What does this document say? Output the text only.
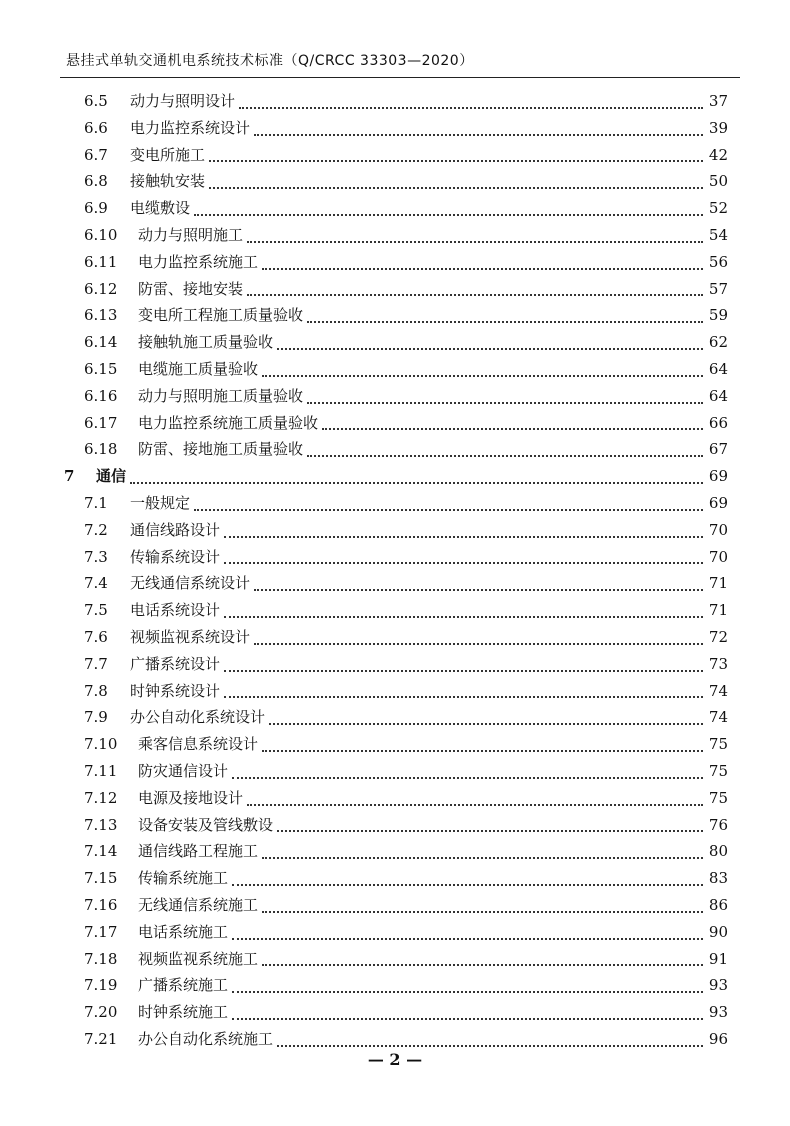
悬挂式单轨交通机电系统技术标准（Q/CRCC 33303—2020）
6.5 动力与照明设计	37
6.6 电力监控系统设计	39
6.7 变电所施工	42
6.8 接触轨安装	50
6.9 电缆敷设	52
6.10 动力与照明施工	54
6.11 电力监控系统施工	56
6.12 防雷、接地安装	57
6.13 变电所工程施工质量验收	59
6.14 接触轨施工质量验收	62
6.15 电缆施工质量验收	64
6.16 动力与照明施工质量验收	64
6.17 电力监控系统施工质量验收	66
6.18 防雷、接地施工质量验收	67
7 通信	69
7.1 一般规定	69
7.2 通信线路设计	70
7.3 传输系统设计	70
7.4 无线通信系统设计	71
7.5 电话系统设计	71
7.6 视频监视系统设计	72
7.7 广播系统设计	73
7.8 时钟系统设计	74
7.9 办公自动化系统设计	74
7.10 乘客信息系统设计	75
7.11 防灾通信设计	75
7.12 电源及接地设计	75
7.13 设备安装及管线敷设	76
7.14 通信线路工程施工	80
7.15 传输系统施工	83
7.16 无线通信系统施工	86
7.17 电话系统施工	90
7.18 视频监视系统施工	91
7.19 广播系统施工	93
7.20 时钟系统施工	93
7.21 办公自动化系统施工	96
— 2 —
